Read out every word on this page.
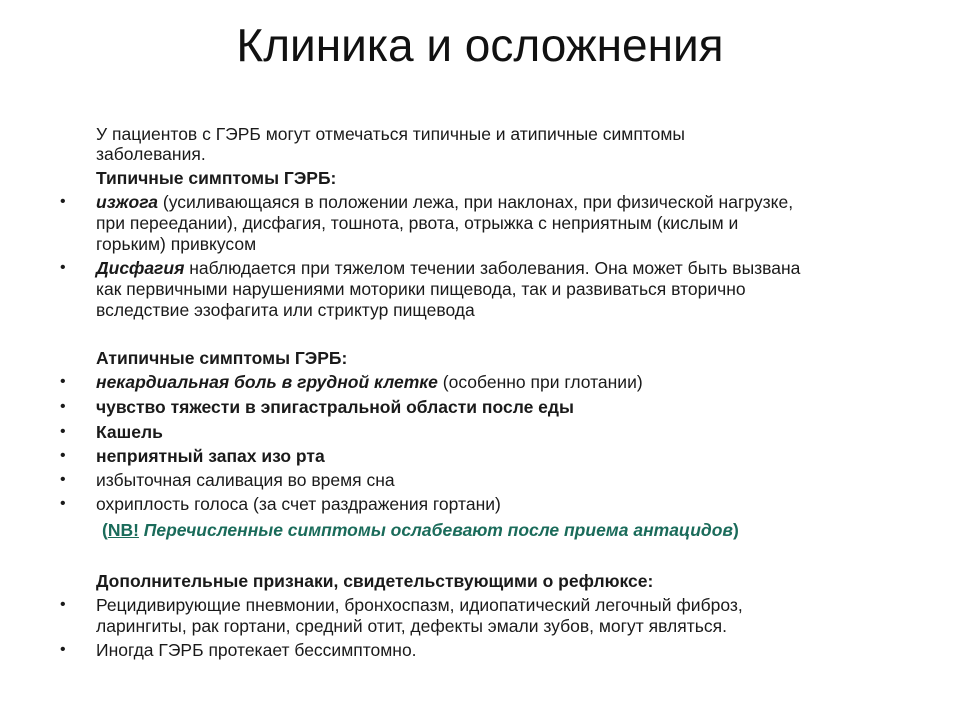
Клиника и осложнения
У пациентов с ГЭРБ могут отмечаться типичные и атипичные симптомы
заболевания.
Типичные симптомы ГЭРБ:
• изжога (усиливающаяся в положении лежа, при наклонах, при физической нагрузке,
при переедании), дисфагия, тошнота, рвота, отрыжка с неприятным (кислым и
горьким) привкусом
• Дисфагия наблюдается при тяжелом течении заболевания. Она может быть вызвана
как первичными нарушениями моторики пищевода, так и развиваться вторично
вследствие эзофагита или стриктур пищевода
Атипичные симптомы ГЭРБ:
• некардиальная боль в грудной клетке (особенно при глотании)
• чувство тяжести в эпигастральной области после еды
• Кашель
• неприятный запах изо рта
• избыточная саливация во время сна
• охриплость голоса (за счет раздражения гортани)
(NB! Перечисленные симптомы ослабевают после приема антацидов)
Дополнительные признаки, свидетельствующими о рефлюксе:
• Рецидивирующие пневмонии, бронхоспазм, идиопатический легочный фиброз,
ларингиты, рак гортани, средний отит, дефекты эмали зубов, могут являться.
• Иногда ГЭРБ протекает бессимптомно.
